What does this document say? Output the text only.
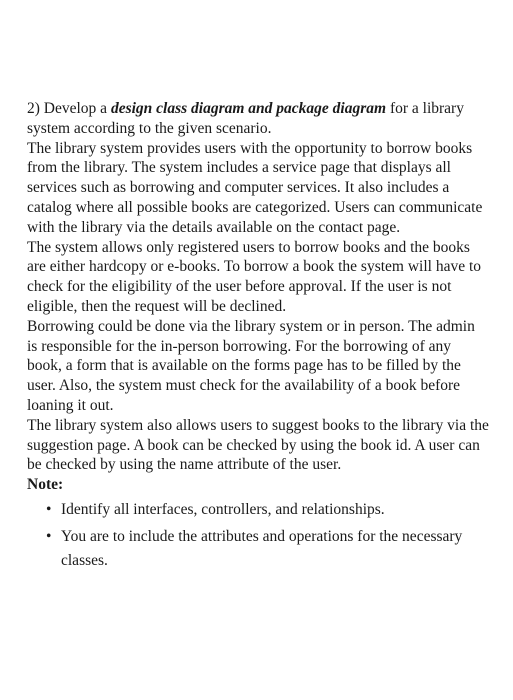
2) Develop a design class diagram and package diagram for a library system according to the given scenario.

The library system provides users with the opportunity to borrow books from the library. The system includes a service page that displays all services such as borrowing and computer services. It also includes a catalog where all possible books are categorized. Users can communicate with the library via the details available on the contact page.

The system allows only registered users to borrow books and the books are either hardcopy or e-books. To borrow a book the system will have to check for the eligibility of the user before approval. If the user is not eligible, then the request will be declined.

Borrowing could be done via the library system or in person. The admin is responsible for the in-person borrowing. For the borrowing of any book, a form that is available on the forms page has to be filled by the user. Also, the system must check for the availability of a book before loaning it out.

The library system also allows users to suggest books to the library via the suggestion page. A book can be checked by using the book id. A user can be checked by using the name attribute of the user.

Note:

• Identify all interfaces, controllers, and relationships.
• You are to include the attributes and operations for the necessary classes.
